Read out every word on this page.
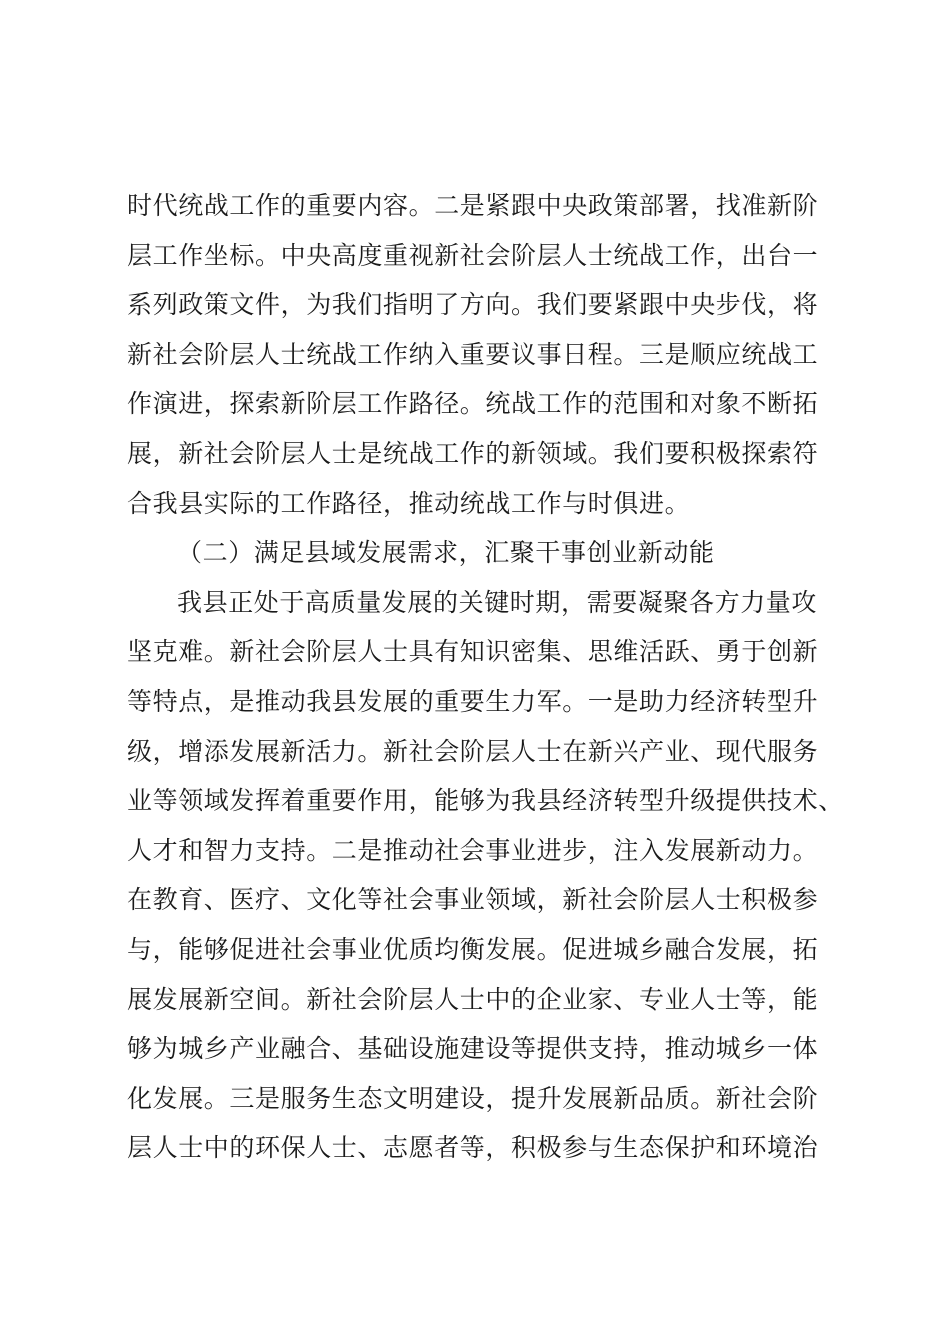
时代统战工作的重要内容。二是紧跟中央政策部署，找准新阶
层工作坐标。中央高度重视新社会阶层人士统战工作，出台一
系列政策文件，为我们指明了方向。我们要紧跟中央步伐，将
新社会阶层人士统战工作纳入重要议事日程。三是顺应统战工
作演进，探索新阶层工作路径。统战工作的范围和对象不断拓
展，新社会阶层人士是统战工作的新领域。我们要积极探索符
合我县实际的工作路径，推动统战工作与时俱进。
（二）满足县域发展需求，汇聚干事创业新动能
我县正处于高质量发展的关键时期，需要凝聚各方力量攻
坚克难。新社会阶层人士具有知识密集、思维活跃、勇于创新
等特点，是推动我县发展的重要生力军。一是助力经济转型升
级，增添发展新活力。新社会阶层人士在新兴产业、现代服务
业等领域发挥着重要作用，能够为我县经济转型升级提供技术、
人才和智力支持。二是推动社会事业进步，注入发展新动力。
在教育、医疗、文化等社会事业领域，新社会阶层人士积极参
与，能够促进社会事业优质均衡发展。促进城乡融合发展，拓
展发展新空间。新社会阶层人士中的企业家、专业人士等，能
够为城乡产业融合、基础设施建设等提供支持，推动城乡一体
化发展。三是服务生态文明建设，提升发展新品质。新社会阶
层人士中的环保人士、志愿者等，积极参与生态保护和环境治
